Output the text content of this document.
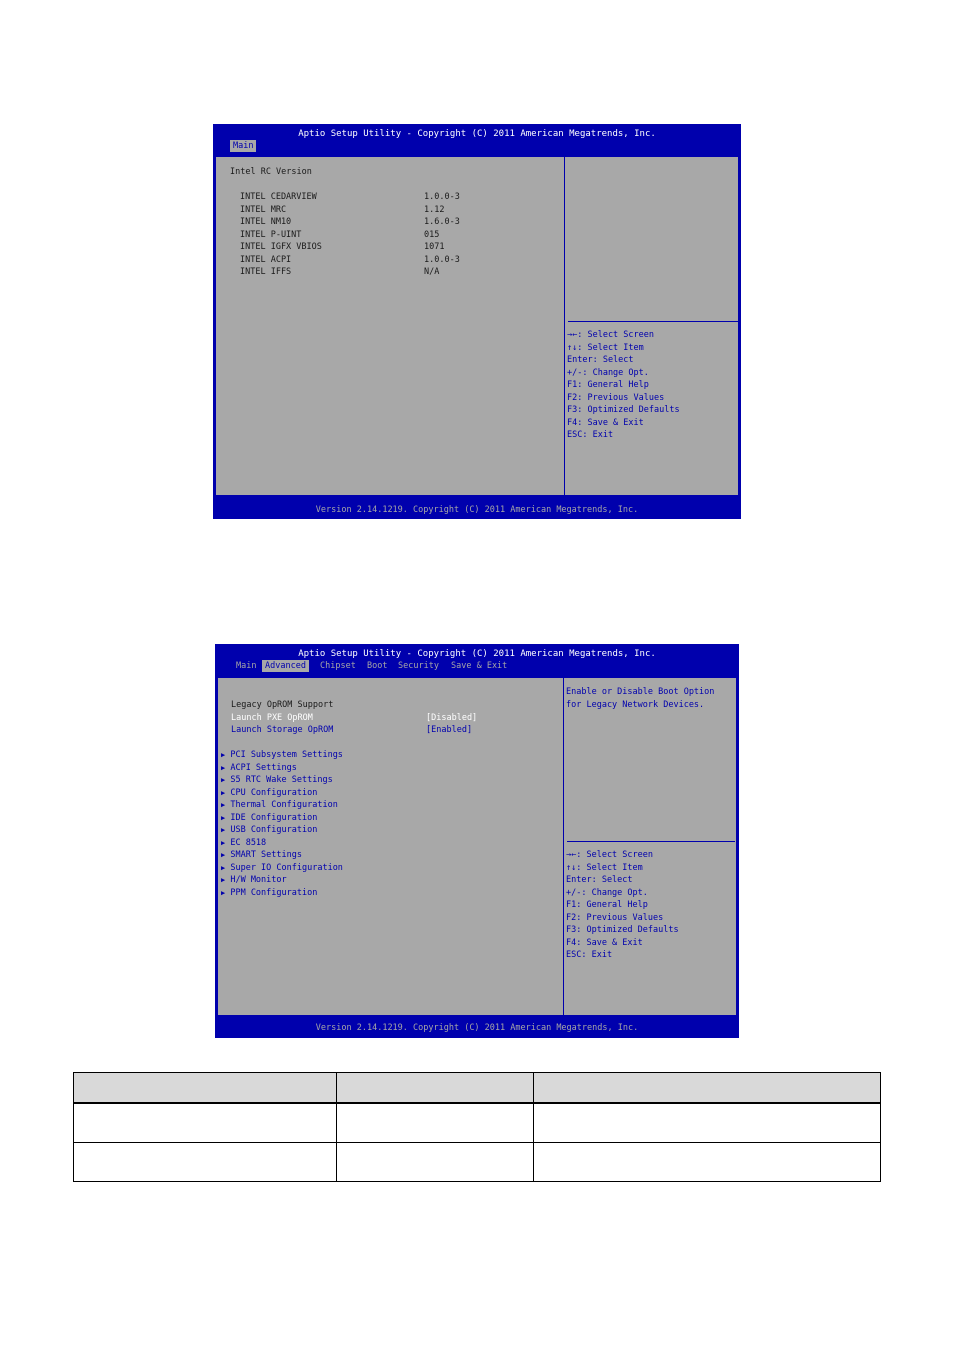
Aptio Setup Utility - Copyright (C) 2011 American Megatrends, Inc.
Main
Intel RC Version
INTEL CEDARVIEW	1.0.0-3
INTEL MRC	1.12
INTEL NM10	1.6.0-3
INTEL P-UINT	015
INTEL IGFX VBIOS	1071
INTEL ACPI	1.0.0-3
INTEL IFFS	N/A
→←: Select Screen
↑↓: Select Item
Enter: Select
+/-: Change Opt.
F1: General Help
F2: Previous Values
F3: Optimized Defaults
F4: Save & Exit
ESC: Exit
Version 2.14.1219. Copyright (C) 2011 American Megatrends, Inc.
Aptio Setup Utility - Copyright (C) 2011 American Megatrends, Inc.
Main	Advanced	Chipset	Boot	Security	Save & Exit
Legacy OpROM Support
Launch PXE OpROM	[Disabled]
Launch Storage OpROM	[Enabled]
▶ PCI Subsystem Settings
▶ ACPI Settings
▶ S5 RTC Wake Settings
▶ CPU Configuration
▶ Thermal Configuration
▶ IDE Configuration
▶ USB Configuration
▶ EC 8518
▶ SMART Settings
▶ Super IO Configuration
▶ H/W Monitor
▶ PPM Configuration
Enable or Disable Boot Option
for Legacy Network Devices.
→←: Select Screen
↑↓: Select Item
Enter: Select
+/-: Change Opt.
F1: General Help
F2: Previous Values
F3: Optimized Defaults
F4: Save & Exit
ESC: Exit
Version 2.14.1219. Copyright (C) 2011 American Megatrends, Inc.
